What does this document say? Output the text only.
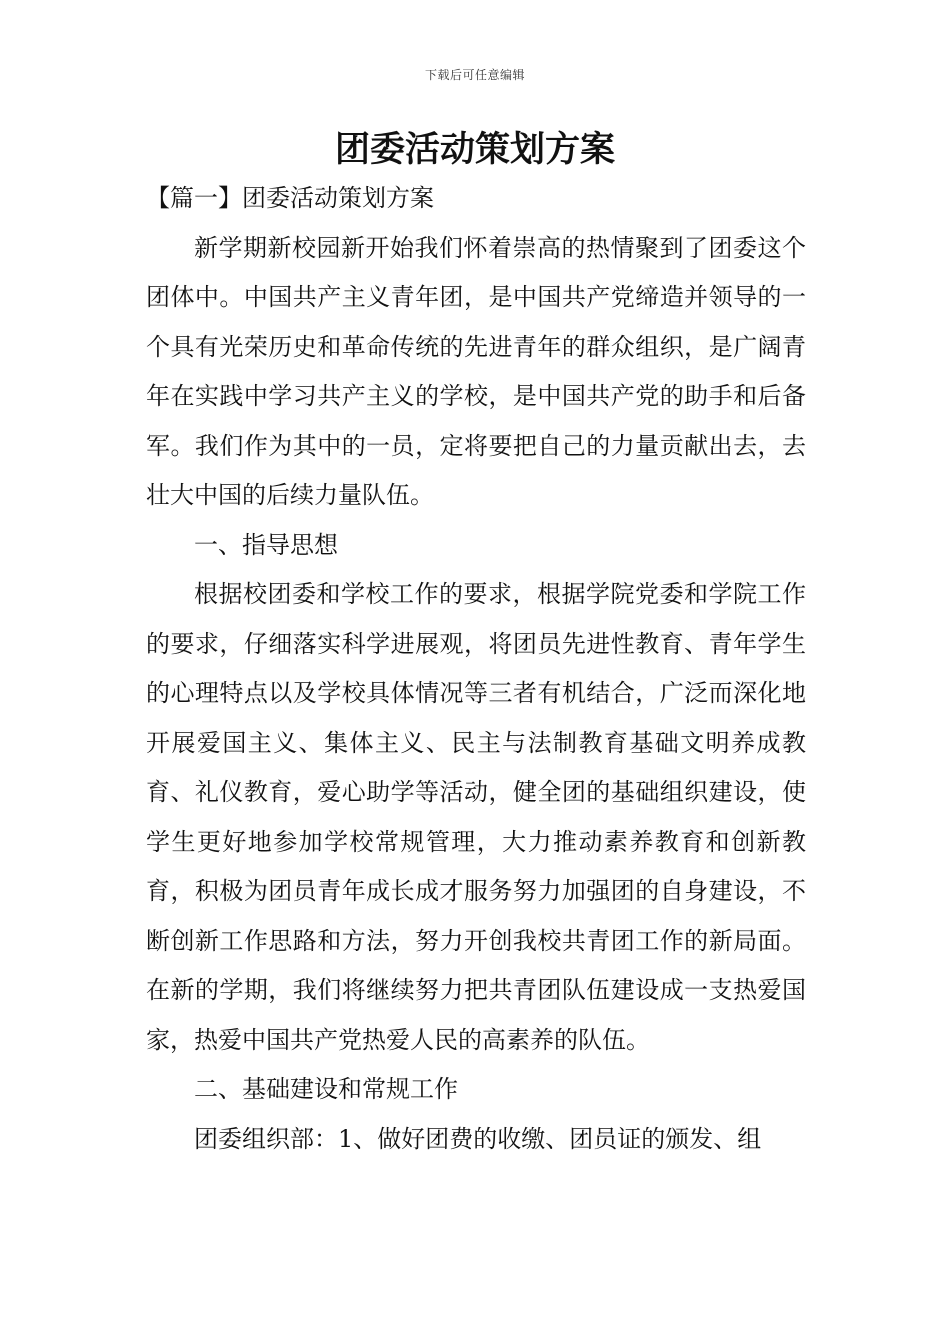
下载后可任意编辑
团委活动策划方案

【篇一】团委活动策划方案

新学期新校园新开始我们怀着崇高的热情聚到了团委这个团体中。中国共产主义青年团，是中国共产党缔造并领导的一个具有光荣历史和革命传统的先进青年的群众组织，是广阔青年在实践中学习共产主义的学校，是中国共产党的助手和后备军。我们作为其中的一员，定将要把自己的力量贡献出去，去壮大中国的后续力量队伍。

一、指导思想

根据校团委和学校工作的要求，根据学院党委和学院工作的要求，仔细落实科学进展观，将团员先进性教育、青年学生的心理特点以及学校具体情况等三者有机结合，广泛而深化地开展爱国主义、集体主义、民主与法制教育基础文明养成教育、礼仪教育，爱心助学等活动，健全团的基础组织建设，使学生更好地参加学校常规管理，大力推动素养教育和创新教育，积极为团员青年成长成才服务努力加强团的自身建设，不断创新工作思路和方法，努力开创我校共青团工作的新局面。在新的学期，我们将继续努力把共青团队伍建设成一支热爱国家，热爱中国共产党热爱人民的高素养的队伍。

二、基础建设和常规工作

团委组织部：1、做好团费的收缴、团员证的颁发、组
